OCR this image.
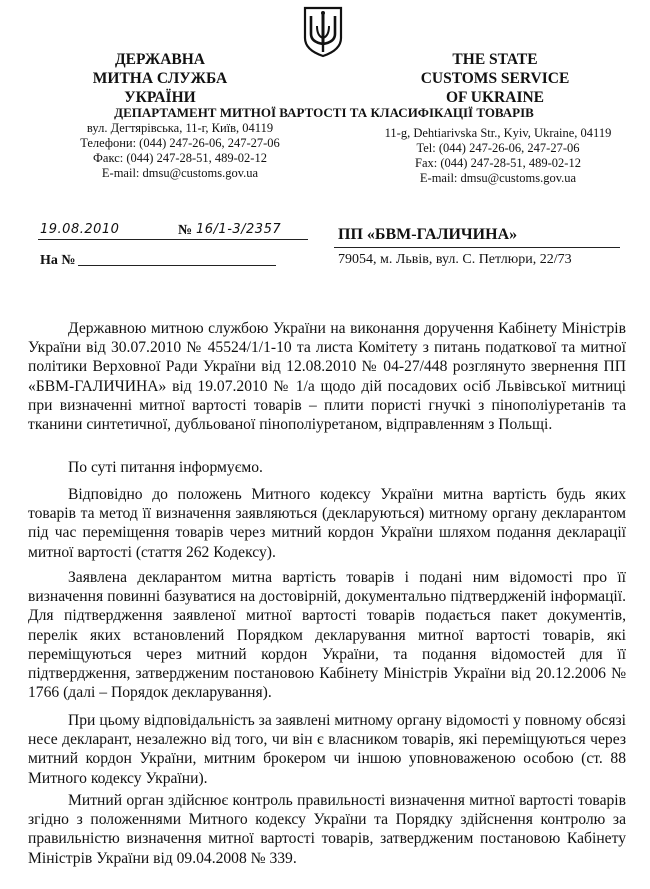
ДЕРЖАВНА
МИТНА СЛУЖБА
УКРАЇНИ
THE STATE
CUSTOMS SERVICE
OF UKRAINE
ДЕПАРТАМЕНТ МИТНОЇ ВАРТОСТІ ТА КЛАСИФІКАЦІЇ ТОВАРІВ
вул. Дегтярівська, 11-г, Київ, 04119
Телефони: (044) 247-26-06, 247-27-06
Факс: (044) 247-28-51, 489-02-12
E-mail: dmsu@customs.gov.ua
11-g, Dehtiarivska Str., Kyiv, Ukraine, 04119
Tel: (044) 247-26-06, 247-27-06
Fax: (044) 247-28-51, 489-02-12
E-mail: dmsu@customs.gov.ua
19.08.2010	№ 16/1-3/2357
На №
ПП «БВМ-ГАЛИЧИНА»
79054, м. Львів, вул. С. Петлюри, 22/73

Державною митною службою України на виконання доручення Кабінету Міністрів України від 30.07.2010 № 45524/1/1-10 та листа Комітету з питань податкової та митної політики Верховної Ради України від 12.08.2010 № 04-27/448 розглянуто звернення ПП «БВМ-ГАЛИЧИНА» від 19.07.2010 № 1/а щодо дій посадових осіб Львівської митниці при визначенні митної вартості товарів – плити пористі гнучкі з пінополіуретанів та тканини синтетичної, дубльованої пінополіуретаном, відправленням з Польщі.

По суті питання інформуємо.

Відповідно до положень Митного кодексу України митна вартість будь яких товарів та метод її визначення заявляються (декларуються) митному органу декларантом під час переміщення товарів через митний кордон України шляхом подання декларації митної вартості (стаття 262 Кодексу).

Заявлена декларантом митна вартість товарів і подані ним відомості про її визначення повинні базуватися на достовірній, документально підтвердженій інформації. Для підтвердження заявленої митної вартості товарів подається пакет документів, перелік яких встановлений Порядком декларування митної вартості товарів, які переміщуються через митний кордон України, та подання відомостей для її підтвердження, затвердженим постановою Кабінету Міністрів України від 20.12.2006 № 1766 (далі – Порядок декларування).

При цьому відповідальність за заявлені митному органу відомості у повному обсязі несе декларант, незалежно від того, чи він є власником товарів, які переміщуються через митний кордон України, митним брокером чи іншою уповноваженою особою (ст. 88 Митного кодексу України).

Митний орган здійснює контроль правильності визначення митної вартості товарів згідно з положеннями Митного кодексу України та Порядку здійснення контролю за правильністю визначення митної вартості товарів, затвердженим постановою Кабінету Міністрів України від 09.04.2008 № 339.
